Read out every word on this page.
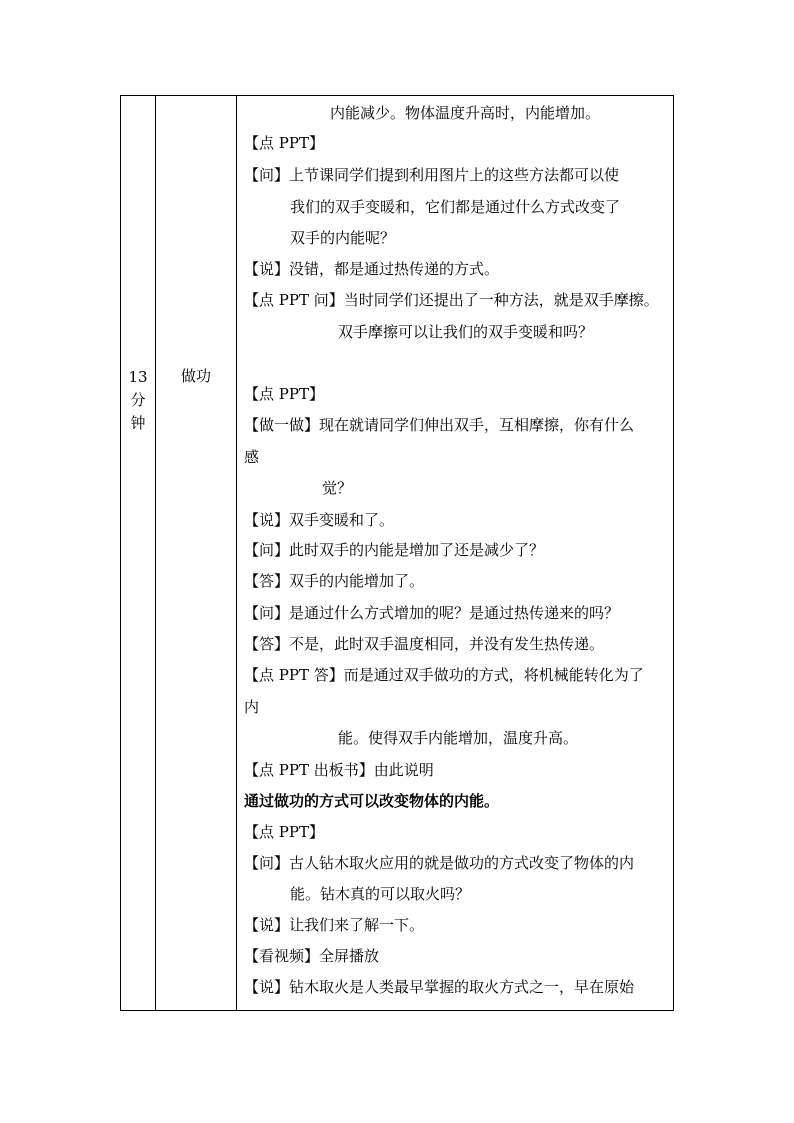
13
分
钟
做功
内能减少。物体温度升高时，内能增加。
【点 PPT】
【问】上节课同学们提到利用图片上的这些方法都可以使
我们的双手变暖和，它们都是通过什么方式改变了
双手的内能呢？
【说】没错，都是通过热传递的方式。
【点 PPT 问】当时同学们还提出了一种方法，就是双手摩擦。
双手摩擦可以让我们的双手变暖和吗？
【点 PPT】
【做一做】现在就请同学们伸出双手，互相摩擦，你有什么
感
觉？
【说】双手变暖和了。
【问】此时双手的内能是增加了还是减少了？
【答】双手的内能增加了。
【问】是通过什么方式增加的呢？是通过热传递来的吗？
【答】不是，此时双手温度相同，并没有发生热传递。
【点 PPT 答】而是通过双手做功的方式，将机械能转化为了
内
能。使得双手内能增加，温度升高。
【点 PPT 出板书】由此说明
通过做功的方式可以改变物体的内能。
【点 PPT】
【问】古人钻木取火应用的就是做功的方式改变了物体的内
能。钻木真的可以取火吗？
【说】让我们来了解一下。
【看视频】全屏播放
【说】钻木取火是人类最早掌握的取火方式之一，早在原始
